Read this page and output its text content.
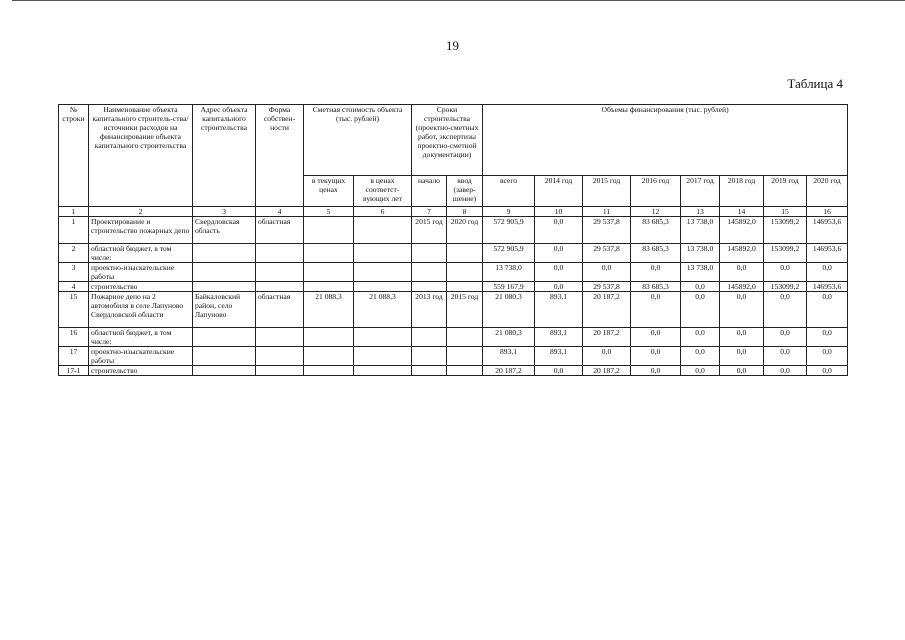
19
Таблица 4
№ строки	Наименование объекта капитального строитель-ства/ источники расходов на финансирование объекта капитального строительства	Адрес объекта капитального строительства	Форма собствен-ности	Сметная стоимость объекта (тыс. рублей)		Сроки строительства (проектно-сметных работ, экспертизы проектно-сметной документации)		Объемы финансирования (тыс. рублей)							
				в текущих ценах	в ценах соответст-вующих лет	начало	ввод (завер-шение)	всего	2014 год	2015 год	2016 год	2017 год	2018 год	2019 год	2020 год
1	2	3	4	5	6	7	8	9	10	11	12	13	14	15	16
1	Проектирование и строительство пожарных депо	Свердловская область	областная			2015 год	2020 год	572 905,9	0,0	29 537,8	83 685,3	13 738,0	145892,0	153099,2	146953,6
2	областной бюджет, в том числе:							572 905,9	0,0	29 537,8	83 685,3	13 738,0	145892,0	153099,2	146953,6
3	проектно-изыскательские работы							13 738,0	0,0	0,0	0,0	13 738,0	0,0	0,0	0,0
4	строительство							559 167,9	0,0	29 537,8	83 685,3	0,0	145892,0	153099,2	146953,6
15	Пожарное депо на 2 автомобиля в селе Лапуново Свердловской области	Байкаловский район, село Лапуново	областная	21 088,3	21 088,3	2013 год	2015 год	21 080,3	893,1	20 187,2	0,0	0,0	0,0	0,0	0,0
16	областной бюджет, в том числе:							21 080,3	893,1	20 187,2	0,0	0,0	0,0	0,0	0,0
17	проектно-изыскательские работы							893,1	893,1	0,0	0,0	0,0	0,0	0,0	0,0
17-1	строительство							20 187,2	0,0	20 187,2	0,0	0,0	0,0	0,0	0,0
